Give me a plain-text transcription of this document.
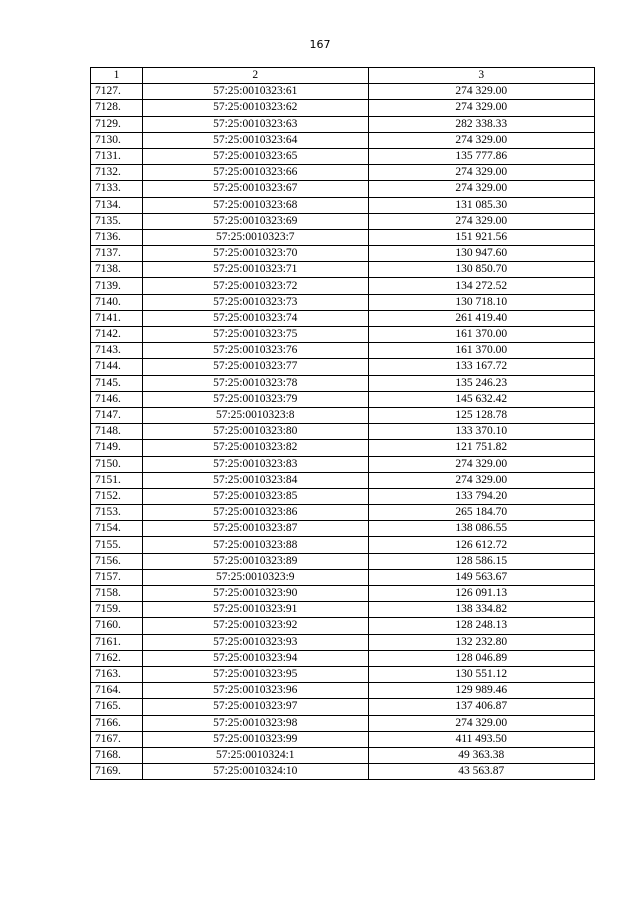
167
1	2	3
7127.	57:25:0010323:61	274 329.00
7128.	57:25:0010323:62	274 329.00
7129.	57:25:0010323:63	282 338.33
7130.	57:25:0010323:64	274 329.00
7131.	57:25:0010323:65	135 777.86
7132.	57:25:0010323:66	274 329.00
7133.	57:25:0010323:67	274 329.00
7134.	57:25:0010323:68	131 085.30
7135.	57:25:0010323:69	274 329.00
7136.	57:25:0010323:7	151 921.56
7137.	57:25:0010323:70	130 947.60
7138.	57:25:0010323:71	130 850.70
7139.	57:25:0010323:72	134 272.52
7140.	57:25:0010323:73	130 718.10
7141.	57:25:0010323:74	261 419.40
7142.	57:25:0010323:75	161 370.00
7143.	57:25:0010323:76	161 370.00
7144.	57:25:0010323:77	133 167.72
7145.	57:25:0010323:78	135 246.23
7146.	57:25:0010323:79	145 632.42
7147.	57:25:0010323:8	125 128.78
7148.	57:25:0010323:80	133 370.10
7149.	57:25:0010323:82	121 751.82
7150.	57:25:0010323:83	274 329.00
7151.	57:25:0010323:84	274 329.00
7152.	57:25:0010323:85	133 794.20
7153.	57:25:0010323:86	265 184.70
7154.	57:25:0010323:87	138 086.55
7155.	57:25:0010323:88	126 612.72
7156.	57:25:0010323:89	128 586.15
7157.	57:25:0010323:9	149 563.67
7158.	57:25:0010323:90	126 091.13
7159.	57:25:0010323:91	138 334.82
7160.	57:25:0010323:92	128 248.13
7161.	57:25:0010323:93	132 232.80
7162.	57:25:0010323:94	128 046.89
7163.	57:25:0010323:95	130 551.12
7164.	57:25:0010323:96	129 989.46
7165.	57:25:0010323:97	137 406.87
7166.	57:25:0010323:98	274 329.00
7167.	57:25:0010323:99	411 493.50
7168.	57:25:0010324:1	49 363.38
7169.	57:25:0010324:10	43 563.87
